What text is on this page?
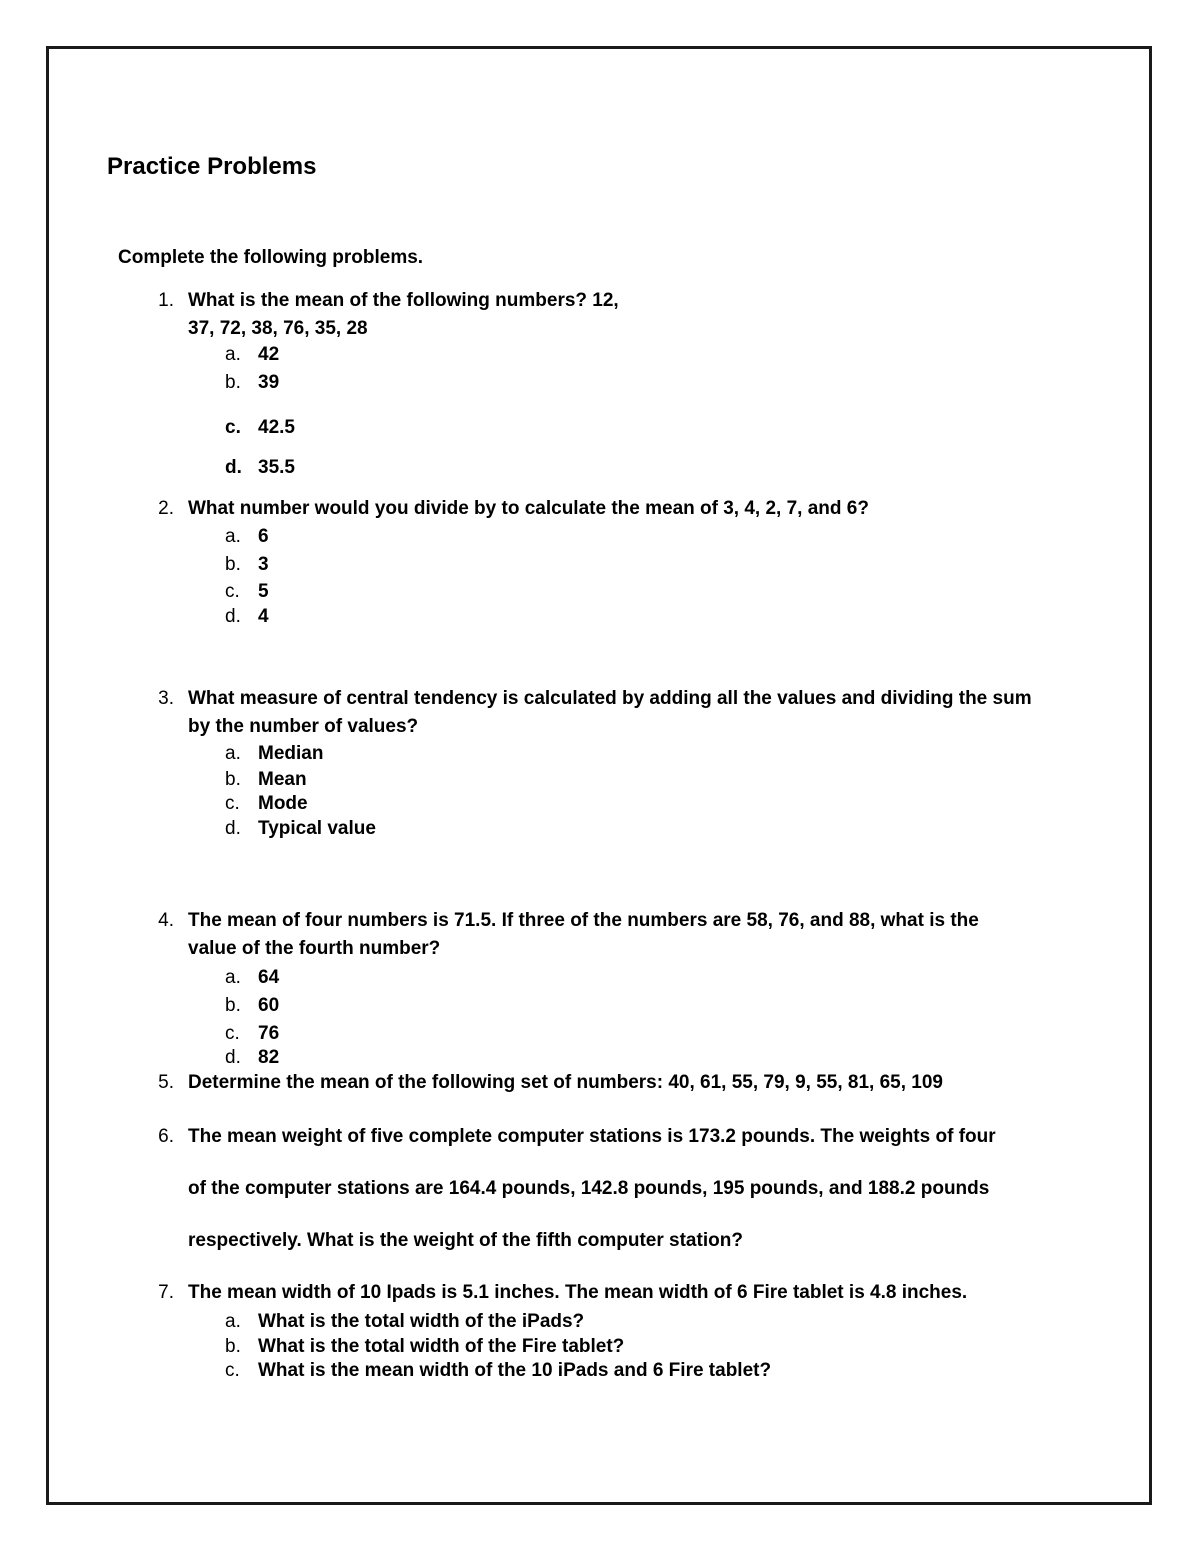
Practice Problems
Complete the following problems.
1. What is the mean of the following numbers? 12,
37, 72, 38, 76, 35, 28
a. 42
b. 39
c. 42.5
d. 35.5
2. What number would you divide by to calculate the mean of 3, 4, 2, 7, and 6?
a. 6
b. 3
c. 5
d. 4
3. What measure of central tendency is calculated by adding all the values and dividing the sum
by the number of values?
a. Median
b. Mean
c. Mode
d. Typical value
4. The mean of four numbers is 71.5. If three of the numbers are 58, 76, and 88, what is the
value of the fourth number?
a. 64
b. 60
c. 76
d. 82
5. Determine the mean of the following set of numbers: 40, 61, 55, 79, 9, 55, 81, 65, 109
6. The mean weight of five complete computer stations is 173.2 pounds. The weights of four
of the computer stations are 164.4 pounds, 142.8 pounds, 195 pounds, and 188.2 pounds
respectively. What is the weight of the fifth computer station?
7. The mean width of 10 Ipads is 5.1 inches. The mean width of 6 Fire tablet is 4.8 inches.
a. What is the total width of the iPads?
b. What is the total width of the Fire tablet?
c. What is the mean width of the 10 iPads and 6 Fire tablet?
